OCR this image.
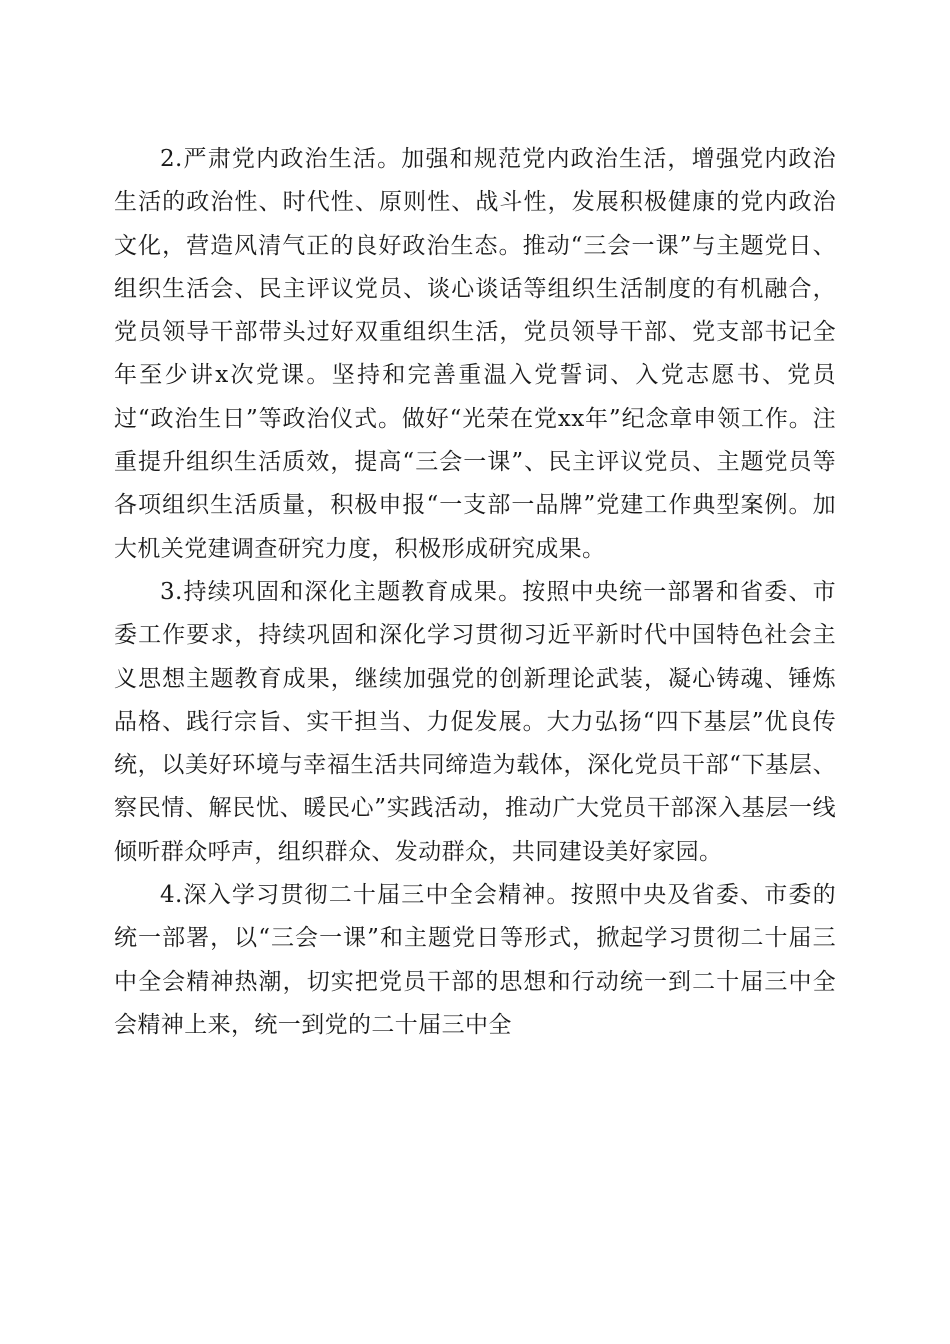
2.严肃党内政治生活。加强和规范党内政治生活，增强党内政治生活的政治性、时代性、原则性、战斗性，发展积极健康的党内政治文化，营造风清气正的良好政治生态。推动“三会一课”与主题党日、组织生活会、民主评议党员、谈心谈话等组织生活制度的有机融合，党员领导干部带头过好双重组织生活，党员领导干部、党支部书记全年至少讲x次党课。坚持和完善重温入党誓词、入党志愿书、党员过“政治生日”等政治仪式。做好“光荣在党xx年”纪念章申领工作。注重提升组织生活质效，提高“三会一课”、民主评议党员、主题党员等各项组织生活质量，积极申报“一支部一品牌”党建工作典型案例。加大机关党建调查研究力度，积极形成研究成果。

3.持续巩固和深化主题教育成果。按照中央统一部署和省委、市委工作要求，持续巩固和深化学习贯彻习近平新时代中国特色社会主义思想主题教育成果，继续加强党的创新理论武装，凝心铸魂、锤炼品格、践行宗旨、实干担当、力促发展。大力弘扬“四下基层”优良传统，以美好环境与幸福生活共同缔造为载体，深化党员干部“下基层、察民情、解民忧、暖民心”实践活动，推动广大党员干部深入基层一线倾听群众呼声，组织群众、发动群众，共同建设美好家园。

4.深入学习贯彻二十届三中全会精神。按照中央及省委、市委的统一部署，以“三会一课”和主题党日等形式，掀起学习贯彻二十届三中全会精神热潮，切实把党员干部的思想和行动统一到二十届三中全会精神上来，统一到党的二十届三中全
